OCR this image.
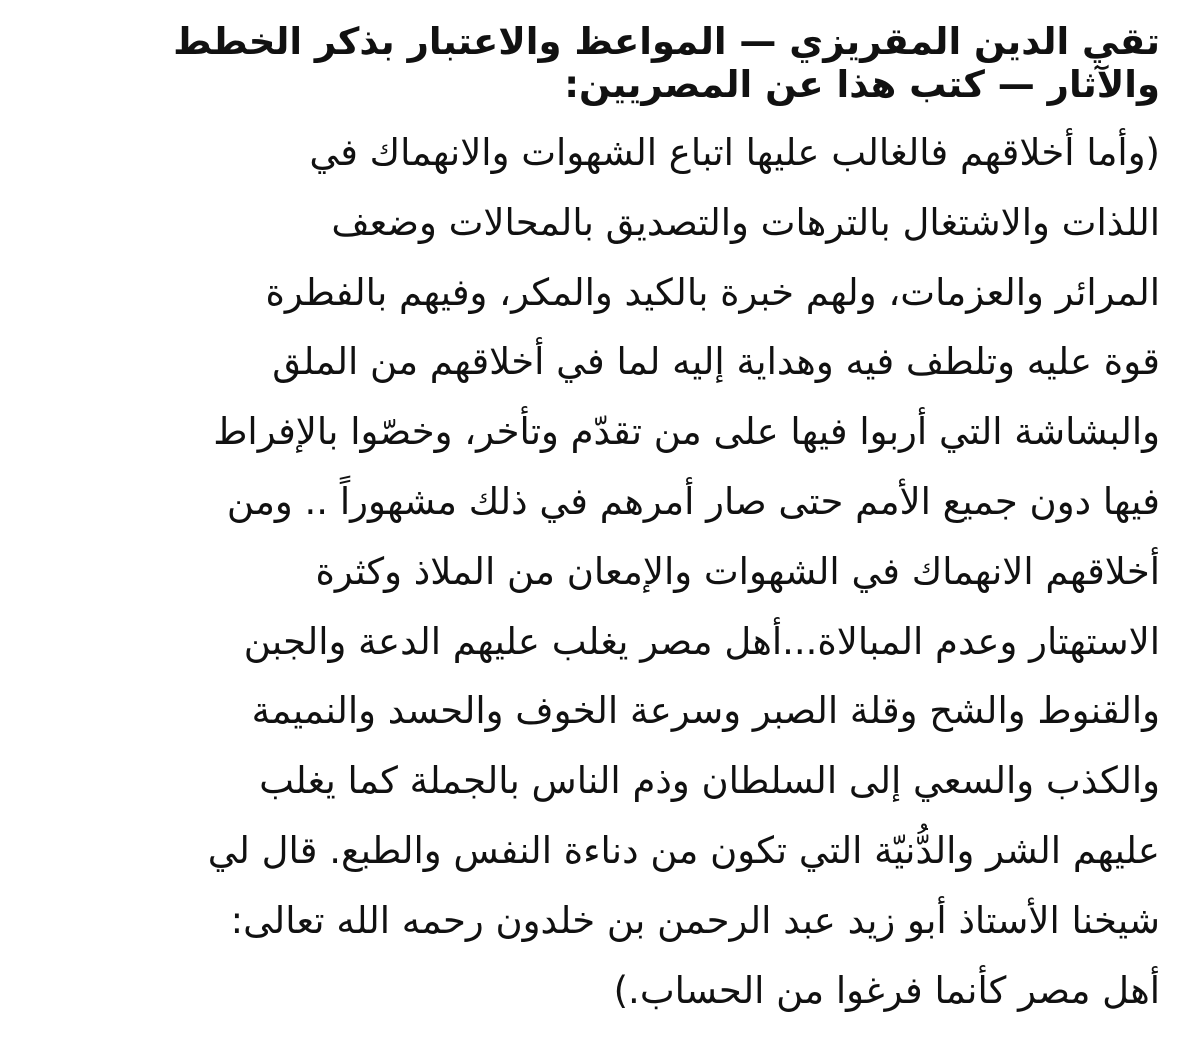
تقي الدين المقريزي — المواعظ والاعتبار بذكر الخطط
والآثار — كتب هذا عن المصريين:
(وأما أخلاقهم فالغالب عليها اتباع الشهوات والانهماك في
اللذات والاشتغال بالترهات والتصديق بالمحالات وضعف
المرائر والعزمات، ولهم خبرة بالكيد والمكر، وفيهم بالفطرة
قوة عليه وتلطف فيه وهداية إليه لما في أخلاقهم من الملق
والبشاشة التي أربوا فيها على من تقدّم وتأخر، وخصّوا بالإفراط
فيها دون جميع الأمم حتى صار أمرهم في ذلك مشهوراً .. ومن
أخلاقهم الانهماك في الشهوات والإمعان من الملاذ وكثرة
الاستهتار وعدم المبالاة...أهل مصر يغلب عليهم الدعة والجبن
والقنوط والشح وقلة الصبر وسرعة الخوف والحسد والنميمة
والكذب والسعي إلى السلطان وذم الناس بالجملة كما يغلب
عليهم الشر والدُّنيّة التي تكون من دناءة النفس والطبع. قال لي
شيخنا الأستاذ أبو زيد عبد الرحمن بن خلدون رحمه الله تعالى:
أهل مصر كأنما فرغوا من الحساب.)
